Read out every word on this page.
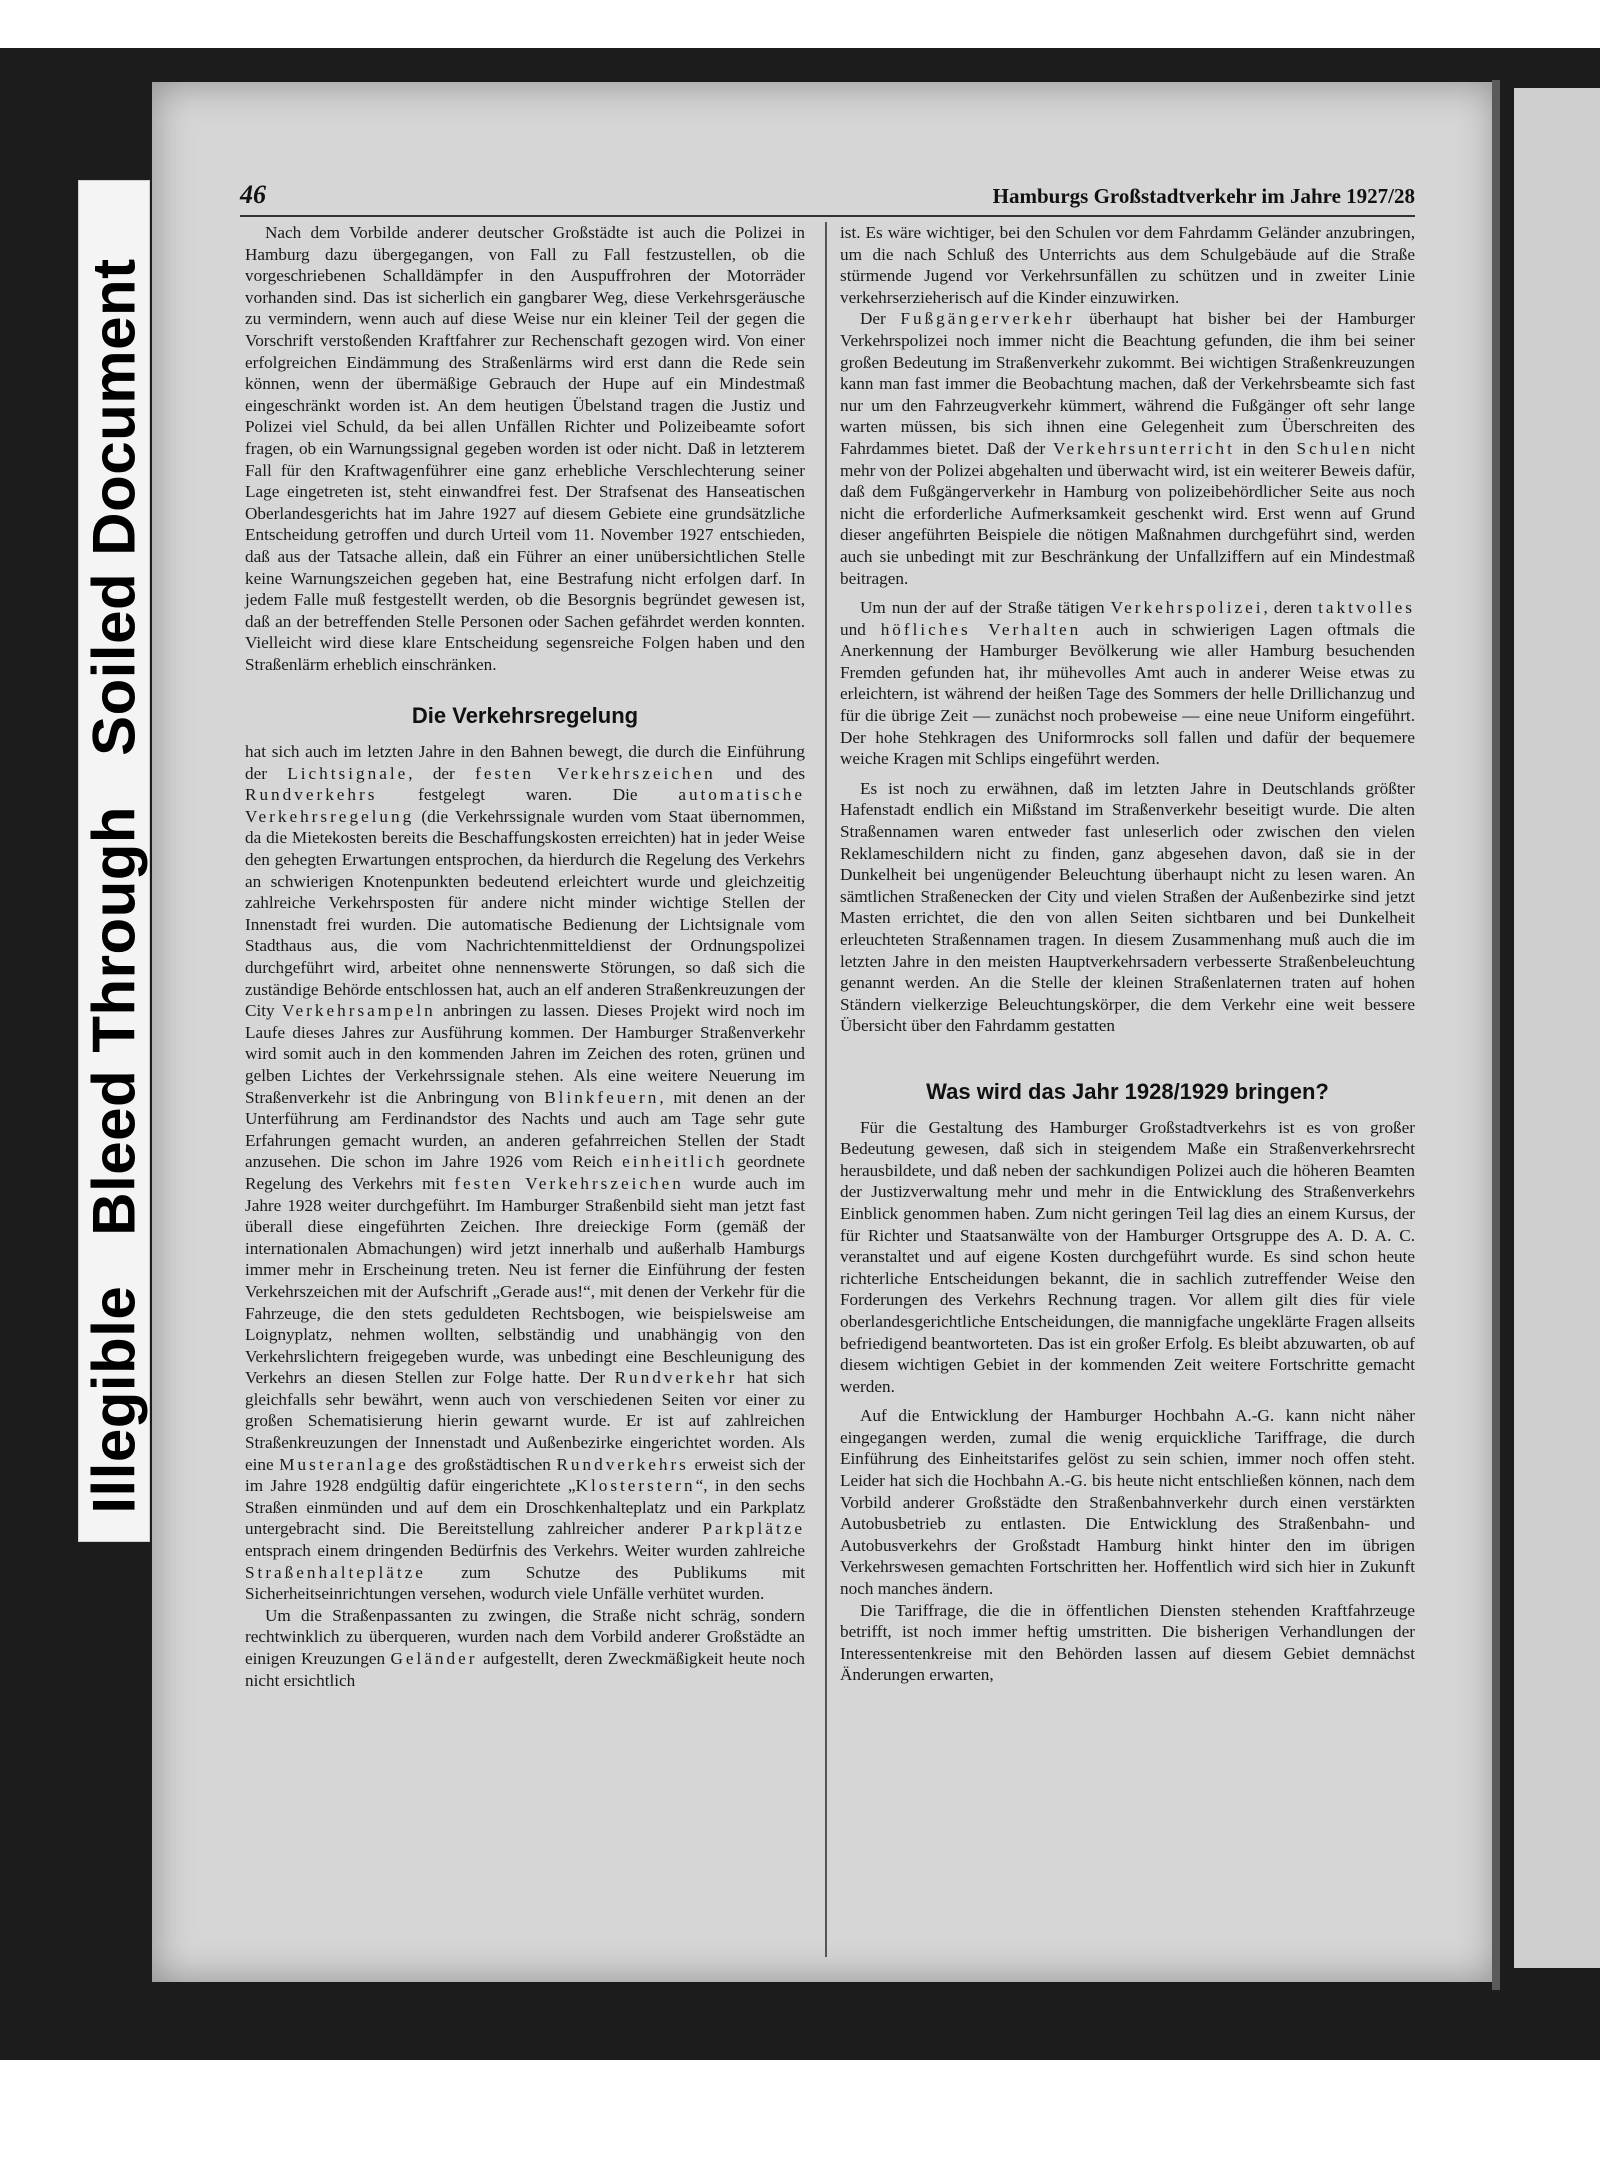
IllegibleBleed ThroughSoiled Document
46	Hamburgs Großstadtverkehr im Jahre 1927/28

Nach dem Vorbilde anderer deutscher Großstädte ist auch die Polizei in Hamburg dazu übergegangen, von Fall zu Fall festzustellen, ob die vorgeschriebenen Schalldämpfer in den Auspuffrohren der Motorräder vorhanden sind. Das ist sicherlich ein gangbarer Weg, diese Verkehrsgeräusche zu vermindern, wenn auch auf diese Weise nur ein kleiner Teil der gegen die Vorschrift verstoßenden Kraftfahrer zur Rechenschaft gezogen wird. Von einer erfolgreichen Eindämmung des Straßenlärms wird erst dann die Rede sein können, wenn der übermäßige Gebrauch der Hupe auf ein Mindestmaß eingeschränkt worden ist. An dem heutigen Übelstand tragen die Justiz und Polizei viel Schuld, da bei allen Unfällen Richter und Polizeibeamte sofort fragen, ob ein Warnungssignal gegeben worden ist oder nicht. Daß in letzterem Fall für den Kraftwagenführer eine ganz erhebliche Verschlechterung seiner Lage eingetreten ist, steht einwandfrei fest. Der Strafsenat des Hanseatischen Oberlandesgerichts hat im Jahre 1927 auf diesem Gebiete eine grundsätzliche Entscheidung getroffen und durch Urteil vom 11. November 1927 entschieden, daß aus der Tatsache allein, daß ein Führer an einer unübersichtlichen Stelle keine Warnungszeichen gegeben hat, eine Bestrafung nicht erfolgen darf. In jedem Falle muß festgestellt werden, ob die Besorgnis begründet gewesen ist, daß an der betreffenden Stelle Personen oder Sachen gefährdet werden konnten. Vielleicht wird diese klare Entscheidung segensreiche Folgen haben und den Straßenlärm erheblich einschränken.

Die Verkehrsregelung

hat sich auch im letzten Jahre in den Bahnen bewegt, die durch die Einführung der Lichtsignale, der festen Verkehrszeichen und des Rundverkehrs festgelegt waren. Die automatische Verkehrsregelung (die Verkehrssignale wurden vom Staat übernommen, da die Mietekosten bereits die Beschaffungskosten erreichten) hat in jeder Weise den gehegten Erwartungen entsprochen, da hierdurch die Regelung des Verkehrs an schwierigen Knotenpunkten bedeutend erleichtert wurde und gleichzeitig zahlreiche Verkehrsposten für andere nicht minder wichtige Stellen der Innenstadt frei wurden. Die automatische Bedienung der Lichtsignale vom Stadthaus aus, die vom Nachrichtenmitteldienst der Ordnungspolizei durchgeführt wird, arbeitet ohne nennenswerte Störungen, so daß sich die zuständige Behörde entschlossen hat, auch an elf anderen Straßenkreuzungen der City Verkehrsampeln anbringen zu lassen. Dieses Projekt wird noch im Laufe dieses Jahres zur Ausführung kommen. Der Hamburger Straßenverkehr wird somit auch in den kommenden Jahren im Zeichen des roten, grünen und gelben Lichtes der Verkehrssignale stehen. Als eine weitere Neuerung im Straßenverkehr ist die Anbringung von Blinkfeuern, mit denen an der Unterführung am Ferdinandstor des Nachts und auch am Tage sehr gute Erfahrungen gemacht wurden, an anderen gefahrreichen Stellen der Stadt anzusehen. Die schon im Jahre 1926 vom Reich einheitlich geordnete Regelung des Verkehrs mit festen Verkehrszeichen wurde auch im Jahre 1928 weiter durchgeführt. Im Hamburger Straßenbild sieht man jetzt fast überall diese eingeführten Zeichen. Ihre dreieckige Form (gemäß der internationalen Abmachungen) wird jetzt innerhalb und außerhalb Hamburgs immer mehr in Erscheinung treten. Neu ist ferner die Einführung der festen Verkehrszeichen mit der Aufschrift „Gerade aus!“, mit denen der Verkehr für die Fahrzeuge, die den stets geduldeten Rechtsbogen, wie beispielsweise am Loignyplatz, nehmen wollten, selbständig und unabhängig von den Verkehrslichtern freigegeben wurde, was unbedingt eine Beschleunigung des Verkehrs an diesen Stellen zur Folge hatte. Der Rundverkehr hat sich gleichfalls sehr bewährt, wenn auch von verschiedenen Seiten vor einer zu großen Schematisierung hierin gewarnt wurde. Er ist auf zahlreichen Straßenkreuzungen der Innenstadt und Außenbezirke eingerichtet worden. Als eine Musteranlage des großstädtischen Rundverkehrs erweist sich der im Jahre 1928 endgültig dafür eingerichtete „Klosterstern“, in den sechs Straßen einmünden und auf dem ein Droschkenhalteplatz und ein Parkplatz untergebracht sind. Die Bereitstellung zahlreicher anderer Parkplätze entsprach einem dringenden Bedürfnis des Verkehrs. Weiter wurden zahlreiche Straßenhalteplätze zum Schutze des Publikums mit Sicherheitseinrichtungen versehen, wodurch viele Unfälle verhütet wurden.

Um die Straßenpassanten zu zwingen, die Straße nicht schräg, sondern rechtwinklich zu überqueren, wurden nach dem Vorbild anderer Großstädte an einigen Kreuzungen Geländer aufgestellt, deren Zweckmäßigkeit heute noch nicht ersichtlich

ist. Es wäre wichtiger, bei den Schulen vor dem Fahrdamm Geländer anzubringen, um die nach Schluß des Unterrichts aus dem Schulgebäude auf die Straße stürmende Jugend vor Verkehrsunfällen zu schützen und in zweiter Linie verkehrserzieherisch auf die Kinder einzuwirken.

Der Fußgängerverkehr überhaupt hat bisher bei der Hamburger Verkehrspolizei noch immer nicht die Beachtung gefunden, die ihm bei seiner großen Bedeutung im Straßenverkehr zukommt. Bei wichtigen Straßenkreuzungen kann man fast immer die Beobachtung machen, daß der Verkehrsbeamte sich fast nur um den Fahrzeugverkehr kümmert, während die Fußgänger oft sehr lange warten müssen, bis sich ihnen eine Gelegenheit zum Überschreiten des Fahrdammes bietet. Daß der Verkehrsunterricht in den Schulen nicht mehr von der Polizei abgehalten und überwacht wird, ist ein weiterer Beweis dafür, daß dem Fußgängerverkehr in Hamburg von polizeibehördlicher Seite aus noch nicht die erforderliche Aufmerksamkeit geschenkt wird. Erst wenn auf Grund dieser angeführten Beispiele die nötigen Maßnahmen durchgeführt sind, werden auch sie unbedingt mit zur Beschränkung der Unfallziffern auf ein Mindestmaß beitragen.

Um nun der auf der Straße tätigen Verkehrspolizei, deren taktvolles und höfliches Verhalten auch in schwierigen Lagen oftmals die Anerkennung der Hamburger Bevölkerung wie aller Hamburg besuchenden Fremden gefunden hat, ihr mühevolles Amt auch in anderer Weise etwas zu erleichtern, ist während der heißen Tage des Sommers der helle Drillichanzug und für die übrige Zeit — zunächst noch probeweise — eine neue Uniform eingeführt. Der hohe Stehkragen des Uniformrocks soll fallen und dafür der bequemere weiche Kragen mit Schlips eingeführt werden.

Es ist noch zu erwähnen, daß im letzten Jahre in Deutschlands größter Hafenstadt endlich ein Mißstand im Straßenverkehr beseitigt wurde. Die alten Straßennamen waren entweder fast unleserlich oder zwischen den vielen Reklameschildern nicht zu finden, ganz abgesehen davon, daß sie in der Dunkelheit bei ungenügender Beleuchtung überhaupt nicht zu lesen waren. An sämtlichen Straßenecken der City und vielen Straßen der Außenbezirke sind jetzt Masten errichtet, die den von allen Seiten sichtbaren und bei Dunkelheit erleuchteten Straßennamen tragen. In diesem Zusammenhang muß auch die im letzten Jahre in den meisten Hauptverkehrsadern verbesserte Straßenbeleuchtung genannt werden. An die Stelle der kleinen Straßenlaternen traten auf hohen Ständern vielkerzige Beleuchtungskörper, die dem Verkehr eine weit bessere Übersicht über den Fahrdamm gestatten

Was wird das Jahr 1928/1929 bringen?

Für die Gestaltung des Hamburger Großstadtverkehrs ist es von großer Bedeutung gewesen, daß sich in steigendem Maße ein Straßenverkehrsrecht herausbildete, und daß neben der sachkundigen Polizei auch die höheren Beamten der Justizverwaltung mehr und mehr in die Entwicklung des Straßenverkehrs Einblick genommen haben. Zum nicht geringen Teil lag dies an einem Kursus, der für Richter und Staatsanwälte von der Hamburger Ortsgruppe des A. D. A. C. veranstaltet und auf eigene Kosten durchgeführt wurde. Es sind schon heute richterliche Entscheidungen bekannt, die in sachlich zutreffender Weise den Forderungen des Verkehrs Rechnung tragen. Vor allem gilt dies für viele oberlandesgerichtliche Entscheidungen, die mannigfache ungeklärte Fragen allseits befriedigend beantworteten. Das ist ein großer Erfolg. Es bleibt abzuwarten, ob auf diesem wichtigen Gebiet in der kommenden Zeit weitere Fortschritte gemacht werden.

Auf die Entwicklung der Hamburger Hochbahn A.-G. kann nicht näher eingegangen werden, zumal die wenig erquickliche Tariffrage, die durch Einführung des Einheitstarifes gelöst zu sein schien, immer noch offen steht. Leider hat sich die Hochbahn A.-G. bis heute nicht entschließen können, nach dem Vorbild anderer Großstädte den Straßenbahnverkehr durch einen verstärkten Autobusbetrieb zu entlasten. Die Entwicklung des Straßenbahn- und Autobusverkehrs der Großstadt Hamburg hinkt hinter den im übrigen Verkehrswesen gemachten Fortschritten her. Hoffentlich wird sich hier in Zukunft noch manches ändern.

Die Tariffrage, die die in öffentlichen Diensten stehenden Kraftfahrzeuge betrifft, ist noch immer heftig umstritten. Die bisherigen Verhandlungen der Interessentenkreise mit den Behörden lassen auf diesem Gebiet demnächst Änderungen erwarten,
